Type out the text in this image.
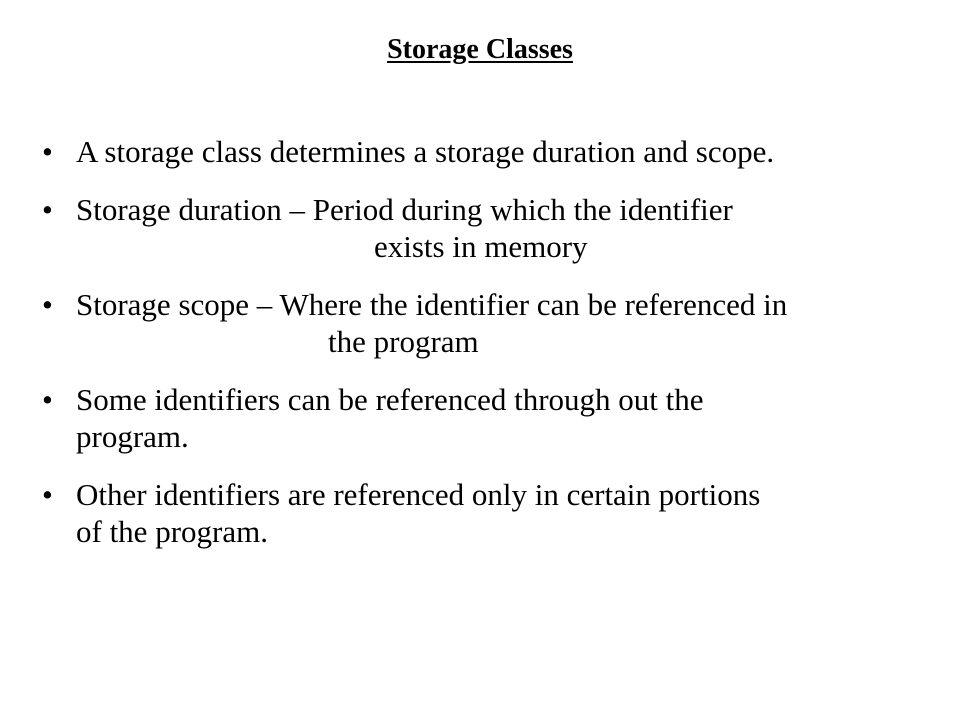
Storage Classes
• A storage class determines a storage duration and scope.
• Storage duration – Period during which the identifier
exists in memory
• Storage scope – Where the identifier can be referenced in
the program
• Some identifiers can be referenced through out the
program.
• Other identifiers are referenced only in certain portions
of the program.
